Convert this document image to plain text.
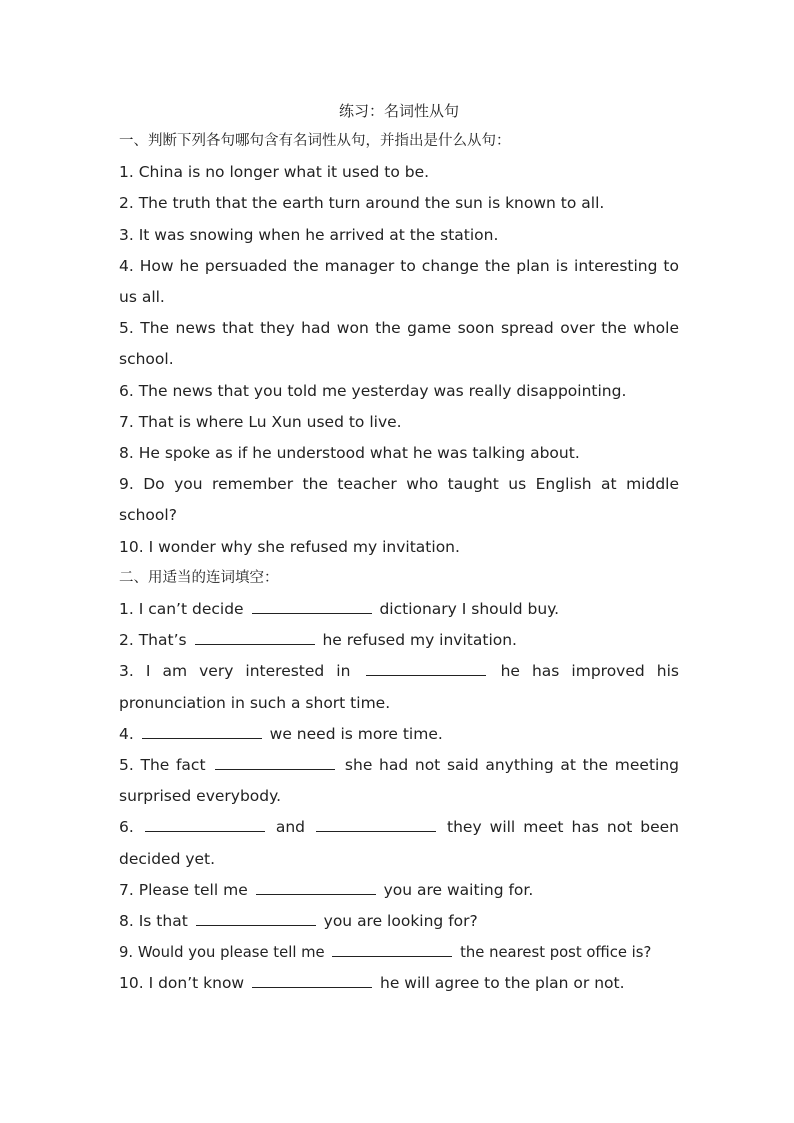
练习：名词性从句

一、判断下列各句哪句含有名词性从句，并指出是什么从句：

1. China is no longer what it used to be.

2. The truth that the earth turn around the sun is known to all.

3. It was snowing when he arrived at the station.

4. How he persuaded the manager to change the plan is interesting to us all.

5. The news that they had won the game soon spread over the whole school.

6. The news that you told me yesterday was really disappointing.

7. That is where Lu Xun used to live.

8. He spoke as if he understood what he was talking about.

9. Do you remember the teacher who taught us English at middle school?

10. I wonder why she refused my invitation.

二、用适当的连词填空：

1. I can’t decide	dictionary I should buy.

2. That’s	he refused my invitation.

3. I am very interested in	he has improved his pronunciation in such a short time.

4.	we need is more time.

5. The fact	she had not said anything at the meeting surprised everybody.

6.	and	they will meet has not been decided yet.

7. Please tell me	you are waiting for.

8. Is that	you are looking for?

9. Would you please tell me	the nearest post office is?

10. I don’t know	he will agree to the plan or not.
